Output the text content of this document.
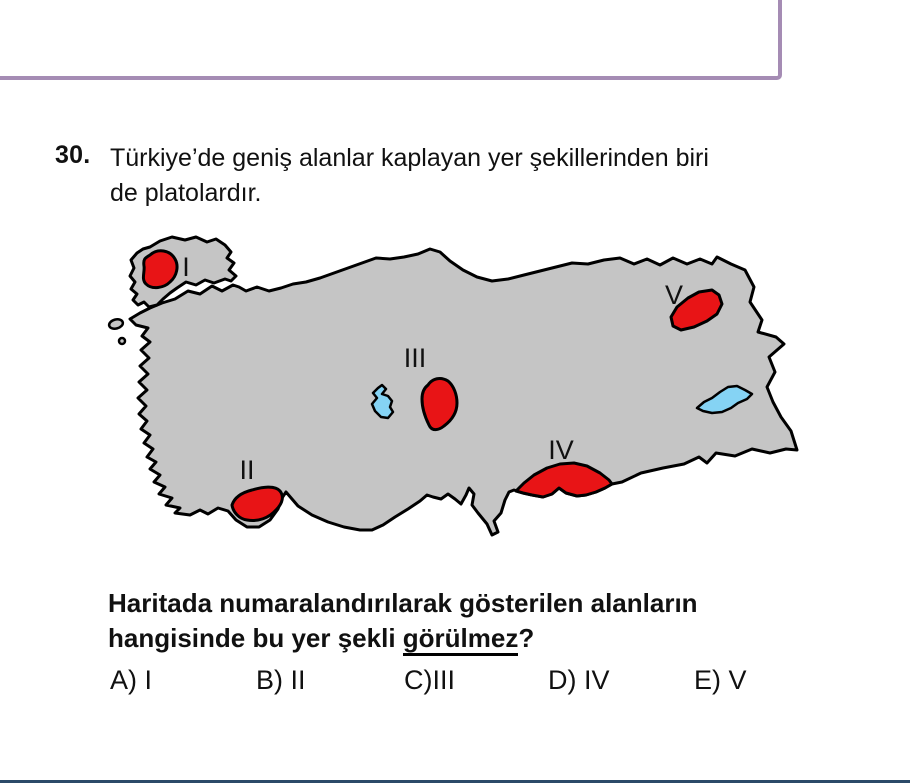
30. Türkiye’de geniş alanlar kaplayan yer şekillerinden biri
de platolardır.
I
II
III
IV
V
Haritada numaralandırılarak gösterilen alanların
hangisinde bu yer şekli görülmez?
A) I	B) II	C)III	D) IV	E) V
